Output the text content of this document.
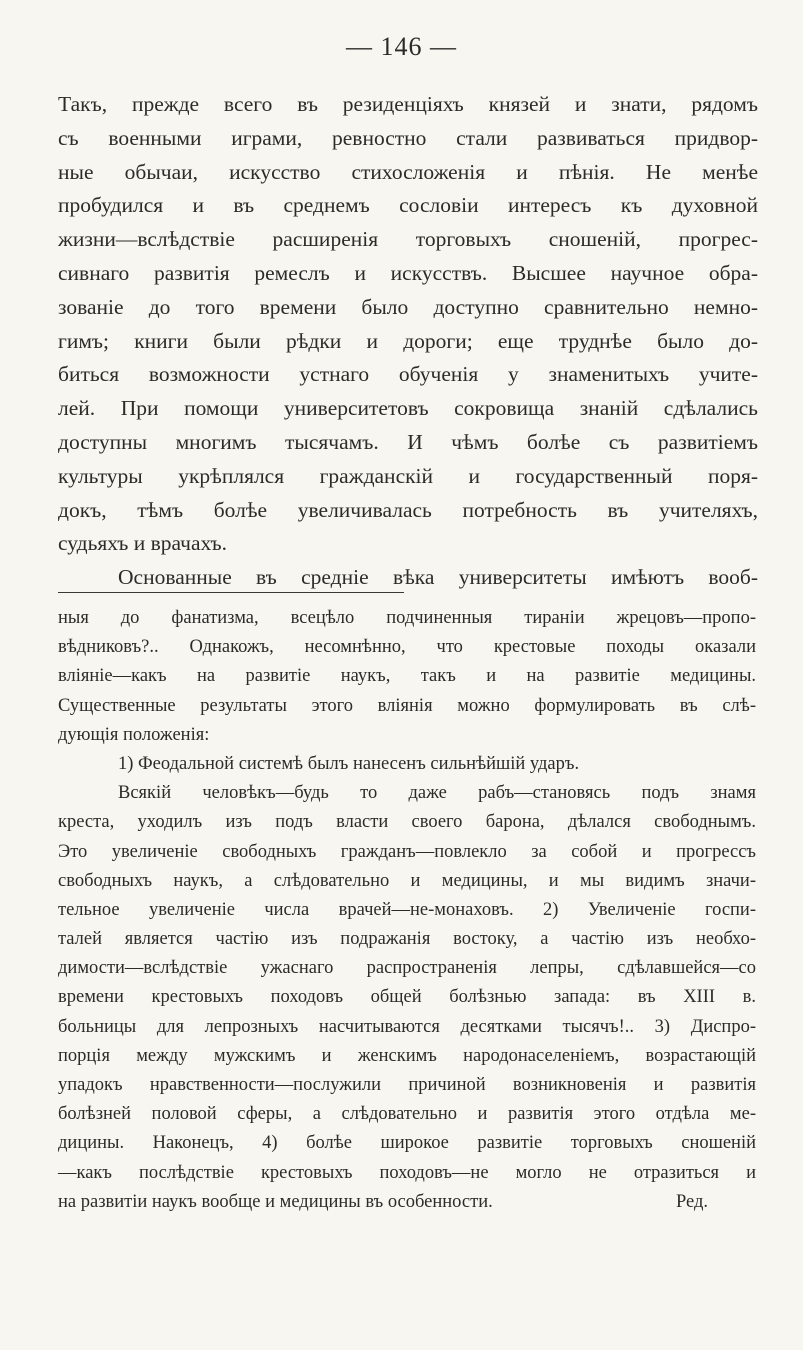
— 146 —
Такъ, прежде всего въ резиденціяхъ князей и знати, рядомъ
съ военными играми, ревностно стали развиваться придвор-
ные обычаи, искусство стихосложенія и пѣнія. Не менѣе
пробудился и въ среднемъ сословіи интересъ къ духовной
жизни—вслѣдствіе расширенія торговыхъ сношеній, прогрес-
сивнаго развитія ремеслъ и искусствъ. Высшее научное обра-
зованіе до того времени было доступно сравнительно немно-
гимъ; книги были рѣдки и дороги; еще труднѣе было до-
биться возможности устнаго обученія у знаменитыхъ учите-
лей. При помощи университетовъ сокровища знаній сдѣлались
доступны многимъ тысячамъ. И чѣмъ болѣе съ развитіемъ
культуры укрѣплялся гражданскій и государственный поря-
докъ, тѣмъ болѣе увеличивалась потребность въ учителяхъ,
судьяхъ и врачахъ.
Основанные въ средніе вѣка университеты имѣютъ вооб-
ныя до фанатизма, всецѣло подчиненныя тираніи жрецовъ—пропо-
вѣдниковъ?.. Однакожъ, несомнѣнно, что крестовые походы оказали
вліяніе—какъ на развитіе наукъ, такъ и на развитіе медицины.
Существенные результаты этого вліянія можно формулировать въ слѣ-
дующія положенія:
1) Феодальной системѣ былъ нанесенъ сильнѣйшій ударъ.
Всякій человѣкъ—будь то даже рабъ—становясь подъ знамя
креста, уходилъ изъ подъ власти своего барона, дѣлался свободнымъ.
Это увеличеніе свободныхъ гражданъ—повлекло за собой и прогрессъ
свободныхъ наукъ, а слѣдовательно и медицины, и мы видимъ значи-
тельное увеличеніе числа врачей—не-монаховъ. 2) Увеличеніе госпи-
талей является частію изъ подражанія востоку, а частію изъ необхо-
димости—вслѣдствіе ужаснаго распространенія лепры, сдѣлавшейся—со
времени крестовыхъ походовъ общей болѣзнью запада: въ XIII в.
больницы для лепрозныхъ насчитываются десятками тысячъ!.. 3) Диспро-
порція между мужскимъ и женскимъ народонаселеніемъ, возрастающій
упадокъ нравственности—послужили причиной возникновенія и развитія
болѣзней половой сферы, а слѣдовательно и развитія этого отдѣла ме-
дицины. Наконецъ, 4) болѣе широкое развитіе торговыхъ сношеній
—какъ послѣдствіе крестовыхъ походовъ—не могло не отразиться и
на развитіи наукъ вообще и медицины въ особенности.	Ред.
